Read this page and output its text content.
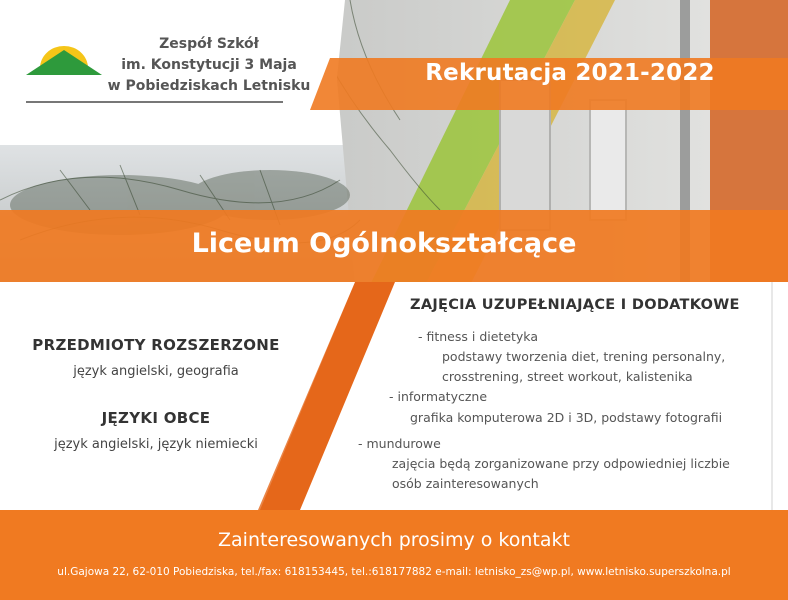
Zespół Szkół
im. Konstytucji 3 Maja
w Pobiedziskach Letnisku	Rekrutacja 2021-2022
Liceum Ogólnokształcące
PRZEDMIOTY ROZSZERZONE
język angielski, geografia
JĘZYKI OBCE
język angielski, język niemiecki
ZAJĘCIA UZUPEŁNIAJĄCE I DODATKOWE
- fitness i dietetyka
podstawy tworzenia diet, trening personalny,
crosstrening, street workout, kalistenika
- informatyczne
grafika komputerowa 2D i 3D, podstawy fotografii
- mundurowe
zajęcia będą zorganizowane przy odpowiedniej liczbie
osób zainteresowanych
Zainteresowanych prosimy o kontakt
ul.Gajowa 22, 62-010 Pobiedziska, tel./fax: 618153445, tel.:618177882 e-mail: letnisko_zs@wp.pl, www.letnisko.superszkolna.pl
